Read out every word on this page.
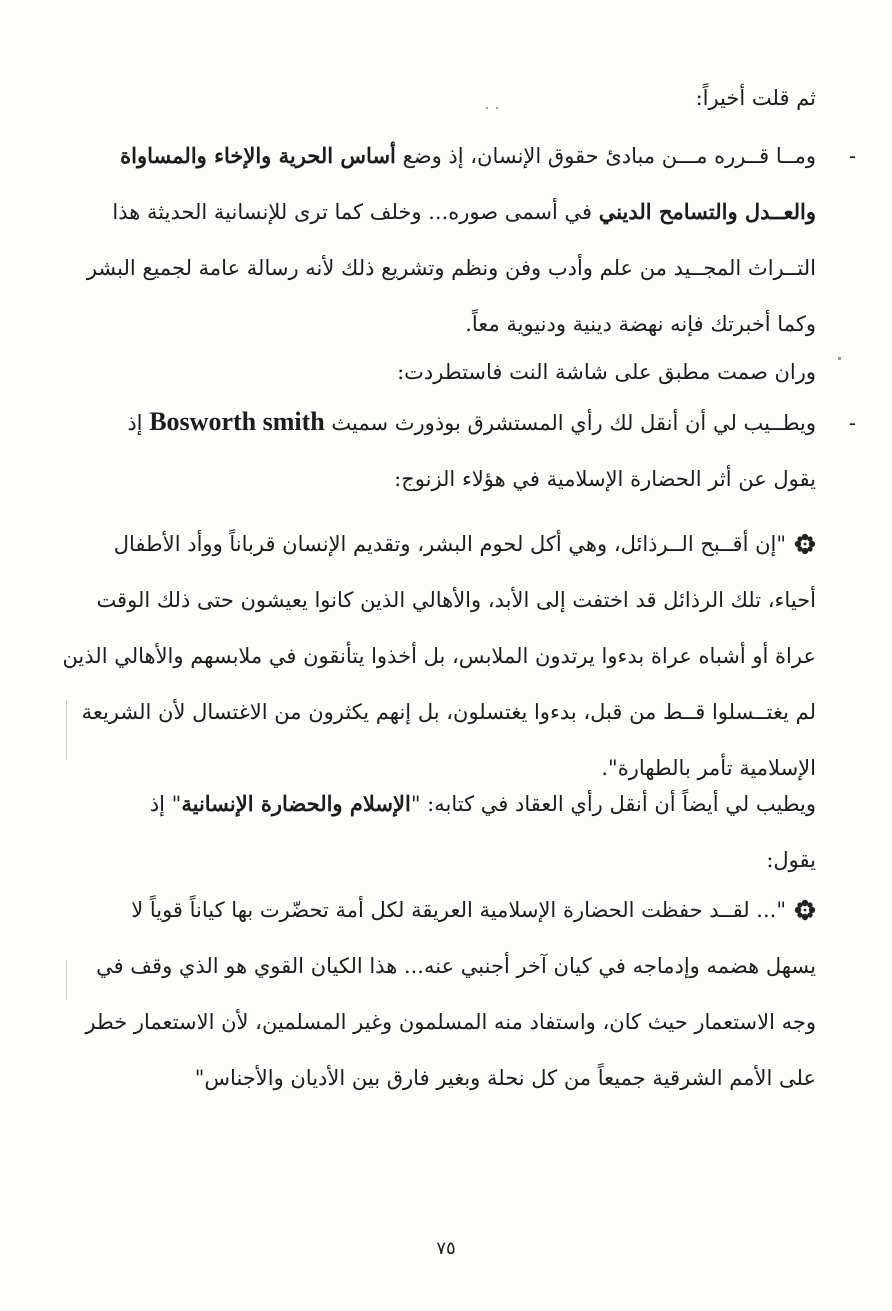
ثم قلت أخيراً:
-ومــا قــرره مـــن مبادئ حقوق الإنسان، إذ وضع أساس الحرية والإخاء والمساواة
والعــدل والتسامح الديني في أسمى صوره... وخلف كما ترى للإنسانية الحديثة هذا
التــراث المجــيد من علم وأدب وفن ونظم وتشريع ذلك لأنه رسالة عامة لجميع البشر
وكما أخبرتك فإنه نهضة دينية ودنيوية معاً.
وران صمت مطبق على شاشة النت فاستطردت:
-ويطــيب لي أن أنقل لك رأي المستشرق بوذورث سميث Bosworth smith إذ
يقول عن أثر الحضارة الإسلامية في هؤلاء الزنوج:
"إن أقــبح الــرذائل، وهي أكل لحوم البشر، وتقديم الإنسان قرباناً ووأد الأطفال
أحياء، تلك الرذائل قد اختفت إلى الأبد، والأهالي الذين كانوا يعيشون حتى ذلك الوقت
عراة أو أشباه عراة بدءوا يرتدون الملابس، بل أخذوا يتأنقون في ملابسهم والأهالي الذين
لم يغتــسلوا قــط من قبل، بدءوا يغتسلون، بل إنهم يكثرون من الاغتسال لأن الشريعة
الإسلامية تأمر بالطهارة".
ويطيب لي أيضاً أن أنقل رأي العقاد في كتابه: "الإسلام والحضارة الإنسانية" إذ
يقول:
"... لقــد حفظت الحضارة الإسلامية العريقة لكل أمة تحضّرت بها كياناً قوياً لا
يسهل هضمه وإدماجه في كيان آخر أجنبي عنه... هذا الكيان القوي هو الذي وقف في
وجه الاستعمار حيث كان، واستفاد منه المسلمون وغير المسلمين، لأن الاستعمار خطر
على الأمم الشرقية جميعاً من كل نحلة وبغير فارق بين الأديان والأجناس"
٧٥
